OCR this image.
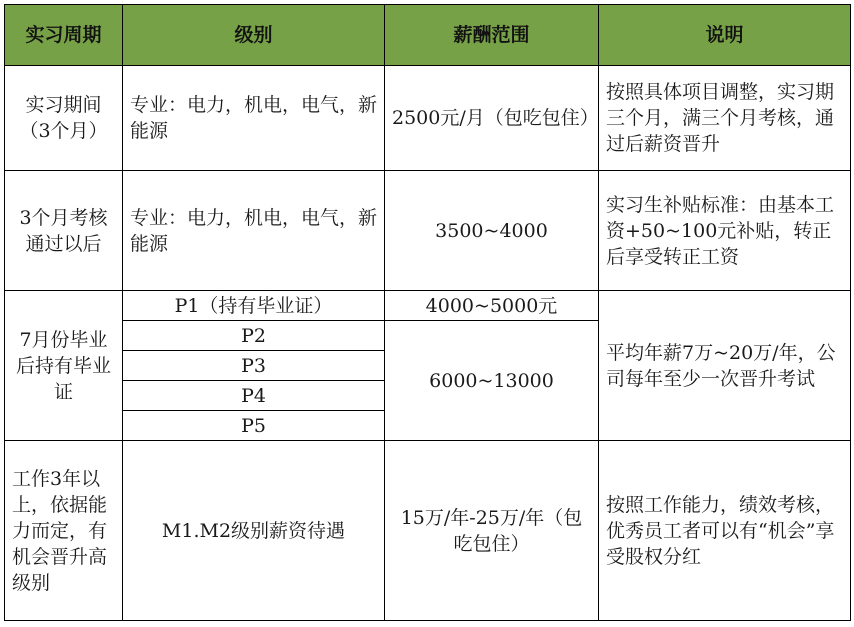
实习周期	级别	薪酬范围	说明
实习期间（3个月）	专业：电力，机电，电气，新能源	2500元/月（包吃包住）	按照具体项目调整，实习期三个月，满三个月考核，通过后薪资晋升
3个月考核通过以后	专业：电力，机电，电气，新能源	3500~4000	实习生补贴标准：由基本工资+50~100元补贴，转正后享受转正工资
7月份毕业后持有毕业证	P1（持有毕业证）	4000~5000元	平均年薪7万~20万/年，公司每年至少一次晋升考试
	P2	6000~13000	
	P3		
	P4		
	P5		
工作3年以上，依据能力而定，有机会晋升高级别	M1.M2级别薪资待遇	15万/年-25万/年（包吃包住）	按照工作能力，绩效考核，优秀员工者可以有“机会”享受股权分红
